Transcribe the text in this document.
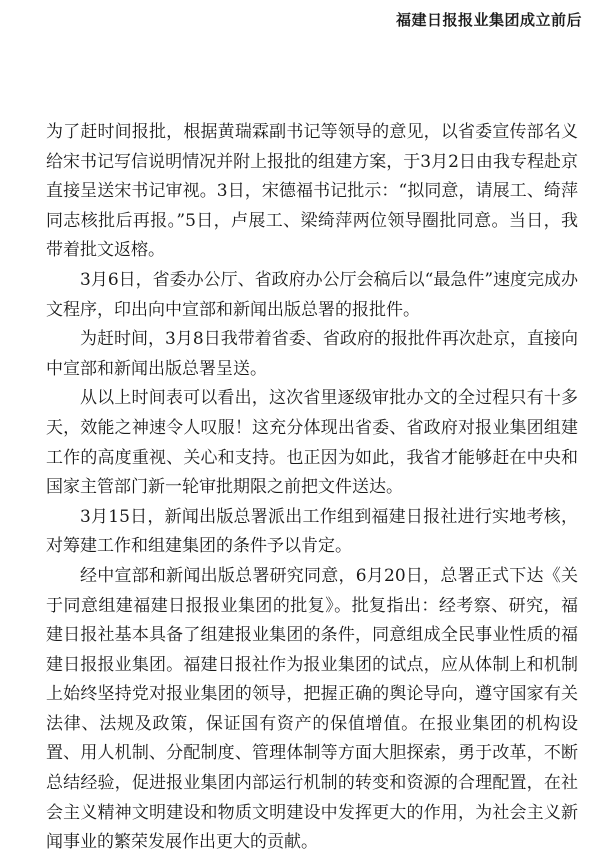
福建日报报业集团成立前后

为了赶时间报批，根据黄瑞霖副书记等领导的意见，以省委宣传部名义给宋书记写信说明情况并附上报批的组建方案，于3月2日由我专程赴京直接呈送宋书记审视。3日，宋德福书记批示：“拟同意，请展工、绮萍同志核批后再报。”5日，卢展工、梁绮萍两位领导圈批同意。当日，我带着批文返榕。

3月6日，省委办公厅、省政府办公厅会稿后以“最急件”速度完成办文程序，印出向中宣部和新闻出版总署的报批件。

为赶时间，3月8日我带着省委、省政府的报批件再次赴京，直接向中宣部和新闻出版总署呈送。

从以上时间表可以看出，这次省里逐级审批办文的全过程只有十多天，效能之神速令人叹服！这充分体现出省委、省政府对报业集团组建工作的高度重视、关心和支持。也正因为如此，我省才能够赶在中央和国家主管部门新一轮审批期限之前把文件送达。

3月15日，新闻出版总署派出工作组到福建日报社进行实地考核，对筹建工作和组建集团的条件予以肯定。

经中宣部和新闻出版总署研究同意，6月20日，总署正式下达《关于同意组建福建日报报业集团的批复》。批复指出：经考察、研究，福建日报社基本具备了组建报业集团的条件，同意组成全民事业性质的福建日报报业集团。福建日报社作为报业集团的试点，应从体制上和机制上始终坚持党对报业集团的领导，把握正确的舆论导向，遵守国家有关法律、法规及政策，保证国有资产的保值增值。在报业集团的机构设置、用人机制、分配制度、管理体制等方面大胆探索，勇于改革，不断总结经验，促进报业集团内部运行机制的转变和资源的合理配置，在社会主义精神文明建设和物质文明建设中发挥更大的作用，为社会主义新闻事业的繁荣发展作出更大的贡献。
